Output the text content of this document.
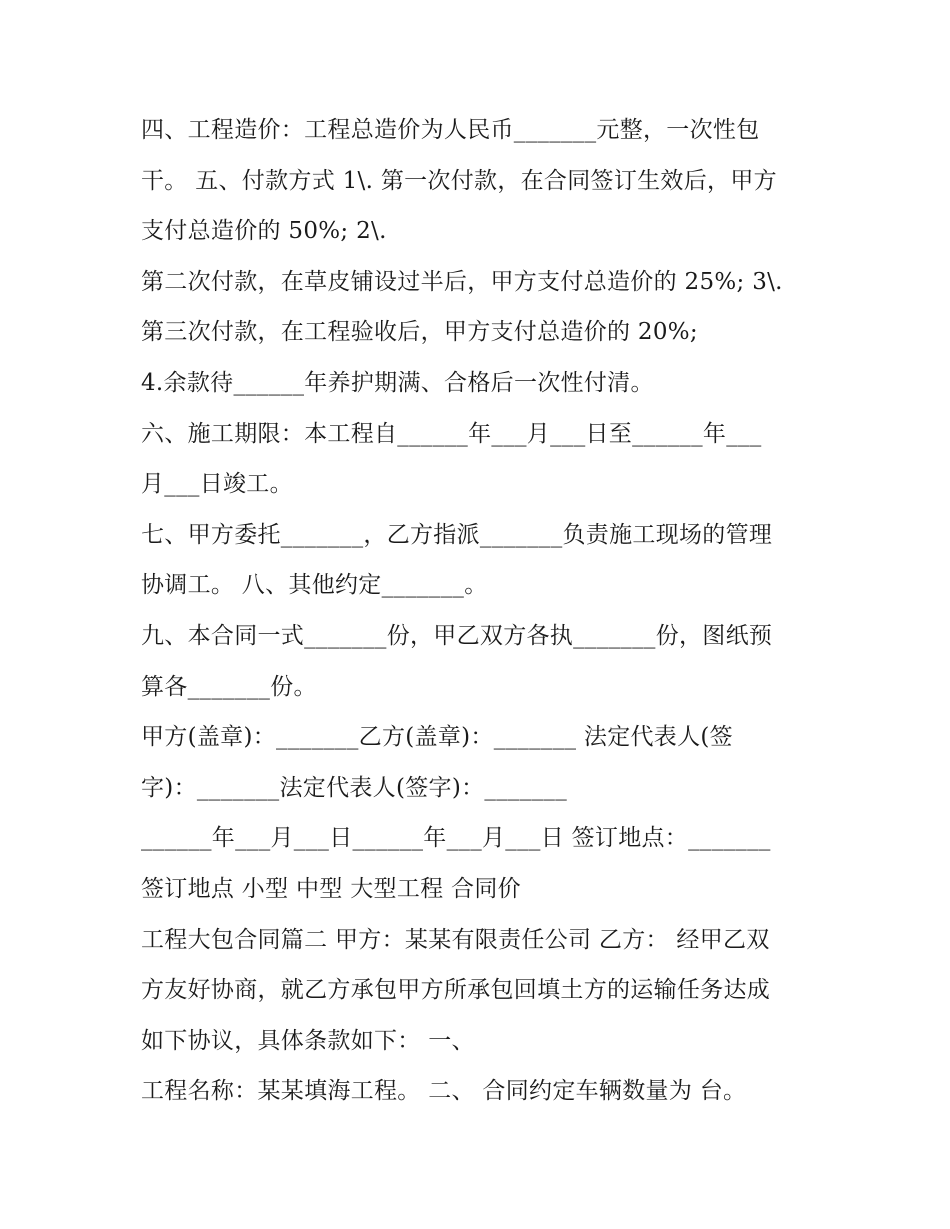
四、工程造价：工程总造价为人民币_______元整，一次性包
干。 五、付款方式 1\. 第一次付款，在合同签订生效后，甲方
支付总造价的 50%; 2\.
第二次付款，在草皮铺设过半后，甲方支付总造价的 25%; 3\.
第三次付款，在工程验收后，甲方支付总造价的 20%;
4.余款待______年养护期满、合格后一次性付清。
六、施工期限：本工程自______年___月___日至______年___
月___日竣工。
七、甲方委托_______，乙方指派_______负责施工现场的管理
协调工。 八、其他约定_______。
九、本合同一式_______份，甲乙双方各执_______份，图纸预
算各_______份。
甲方(盖章)：_______乙方(盖章)：_______ 法定代表人(签
字)：_______法定代表人(签字)：_______
______年___月___日______年___月___日 签订地点：_______
签订地点 小型 中型 大型工程 合同价
工程大包合同篇二 甲方：某某有限责任公司 乙方： 经甲乙双
方友好协商，就乙方承包甲方所承包回填土方的运输任务达成
如下协议，具体条款如下： 一、
工程名称：某某填海工程。 二、 合同约定车辆数量为 台。
